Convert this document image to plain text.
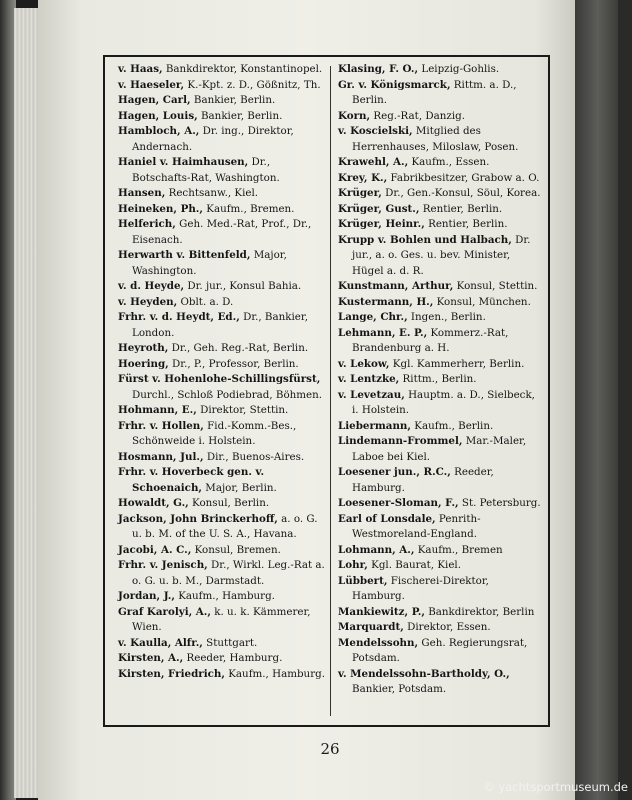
v. Haas, Bankdirektor, Konstantinopel.

v. Haeseler, K.-Kpt. z. D., Gößnitz, Th.

Hagen, Carl, Bankier, Berlin.

Hagen, Louis, Bankier, Berlin.

Hambloch, A., Dr. ing., Direktor, Andernach.

Haniel v. Haimhausen, Dr., Botschafts-Rat, Washington.

Hansen, Rechtsanw., Kiel.

Heineken, Ph., Kaufm., Bremen.

Helferich, Geh. Med.-Rat, Prof., Dr., Eisenach.

Herwarth v. Bittenfeld, Major, Washington.

v. d. Heyde, Dr. jur., Konsul Bahia.

v. Heyden, Oblt. a. D.

Frhr. v. d. Heydt, Ed., Dr., Bankier, London.

Heyroth, Dr., Geh. Reg.-Rat, Berlin.

Hoering, Dr., P., Professor, Berlin.

Fürst v. Hohenlohe-Schillingsfürst, Durchl., Schloß Podiebrad, Böhmen.

Hohmann, E., Direktor, Stettin.

Frhr. v. Hollen, Fid.-Komm.-Bes., Schönweide i. Holstein.

Hosmann, Jul., Dir., Buenos-Aires.

Frhr. v. Hoverbeck gen. v. Schoenaich, Major, Berlin.

Howaldt, G., Konsul, Berlin.

Jackson, John Brinckerhoff, a. o. G. u. b. M. of the U. S. A., Havana.

Jacobi, A. C., Konsul, Bremen.

Frhr. v. Jenisch, Dr., Wirkl. Leg.-Rat a. o. G. u. b. M., Darmstadt.

Jordan, J., Kaufm., Hamburg.

Graf Karolyi, A., k. u. k. Kämmerer, Wien.

v. Kaulla, Alfr., Stuttgart.

Kirsten, A., Reeder, Hamburg.

Kirsten, Friedrich, Kaufm., Hamburg.

Klasing, F. O., Leipzig-Gohlis.

Gr. v. Königsmarck, Rittm. a. D., Berlin.

Korn, Reg.-Rat, Danzig.

v. Koscielski, Mitglied des Herrenhauses, Miloslaw, Posen.

Krawehl, A., Kaufm., Essen.

Krey, K., Fabrikbesitzer, Grabow a. O.

Krüger, Dr., Gen.-Konsul, Söul, Korea.

Krüger, Gust., Rentier, Berlin.

Krüger, Heinr., Rentier, Berlin.

Krupp v. Bohlen und Halbach, Dr. jur., a. o. Ges. u. bev. Minister, Hügel a. d. R.

Kunstmann, Arthur, Konsul, Stettin.

Kustermann, H., Konsul, München.

Lange, Chr., Ingen., Berlin.

Lehmann, E. P., Kommerz.-Rat, Brandenburg a. H.

v. Lekow, Kgl. Kammerherr, Berlin.

v. Lentzke, Rittm., Berlin.

v. Levetzau, Hauptm. a. D., Sielbeck, i. Holstein.

Liebermann, Kaufm., Berlin.

Lindemann-Frommel, Mar.-Maler, Laboe bei Kiel.

Loesener jun., R.C., Reeder, Hamburg.

Loesener-Sloman, F., St. Petersburg.

Earl of Lonsdale, Penrith-Westmoreland-England.

Lohmann, A., Kaufm., Bremen

Lohr, Kgl. Baurat, Kiel.

Lübbert, Fischerei-Direktor, Hamburg.

Mankiewitz, P., Bankdirektor, Berlin

Marquardt, Direktor, Essen.

Mendelssohn, Geh. Regierungsrat, Potsdam.

v. Mendelssohn-Bartholdy, O., Bankier, Potsdam.

26
© yachtsportmuseum.de
